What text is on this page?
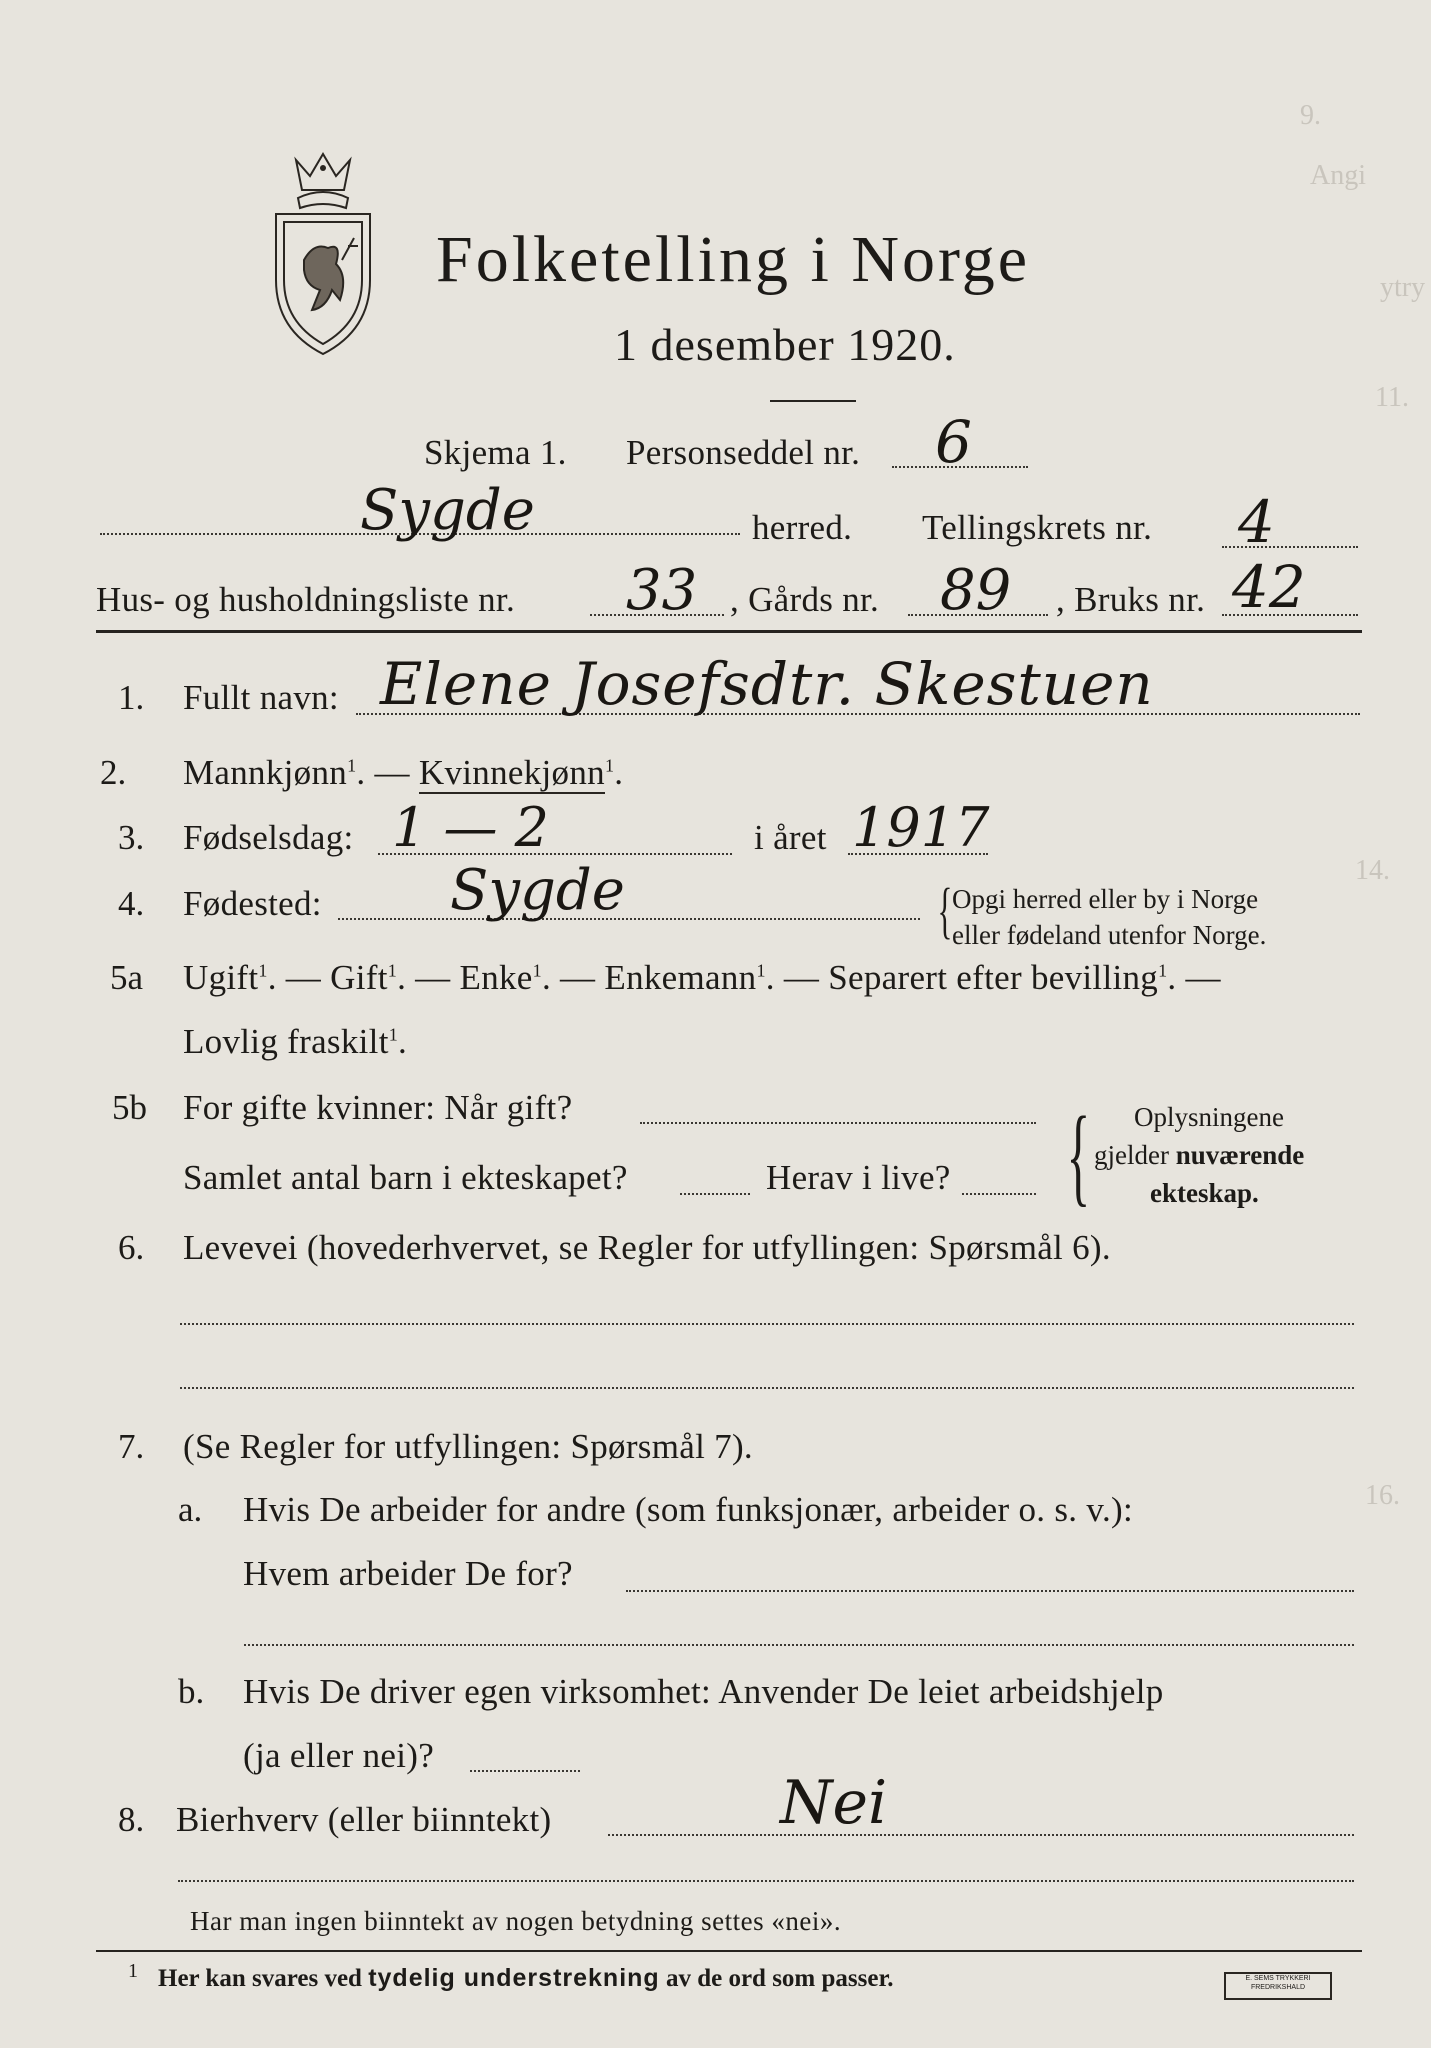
9.
Angi
ytry
11.
14.
16.
Folketelling i Norge
1 desember 1920.
Skjema 1. Personseddel nr. 6
Sygde	herred. Tellingskrets nr. 4
Hus- og husholdningsliste nr. 33 , Gårds nr. 89 , Bruks nr. 42
1. Fullt navn: Elene Josefsdtr. Skestuen
2. Mannkjønn$^1$. — Kvinnekjønn$^1$.
3. Fødselsdag: 1 — 2	i året 1917
4. Fødested: Sygde	{ Opgi herred eller by i Norge
eller fødeland utenfor Norge.
5a Ugift$^1$. — Gift$^1$. — Enke$^1$. — Enkemann$^1$. — Separert efter bevilling$^1$. —
Lovlig fraskilt$^1$.
5b For gifte kvinner: Når gift?
Samlet antal barn i ekteskapet?	Herav i live? { Oplysningene
gjelder nuværende
ekteskap.
6. Levevei (hovederhvervet, se Regler for utfyllingen: Spørsmål 6).
7. (Se Regler for utfyllingen: Spørsmål 7).
a. Hvis De arbeider for andre (som funksjonær, arbeider o. s. v.):
Hvem arbeider De for?
b. Hvis De driver egen virksomhet: Anvender De leiet arbeidshjelp
(ja eller nei)?
8. Bierhverv (eller biinntekt)	Nei
Har man ingen biinntekt av nogen betydning settes «nei».
1 Her kan svares ved tydelig understrekning av de ord som passer.	E. SEMS TRYKKERI
FREDRIKSHALD
